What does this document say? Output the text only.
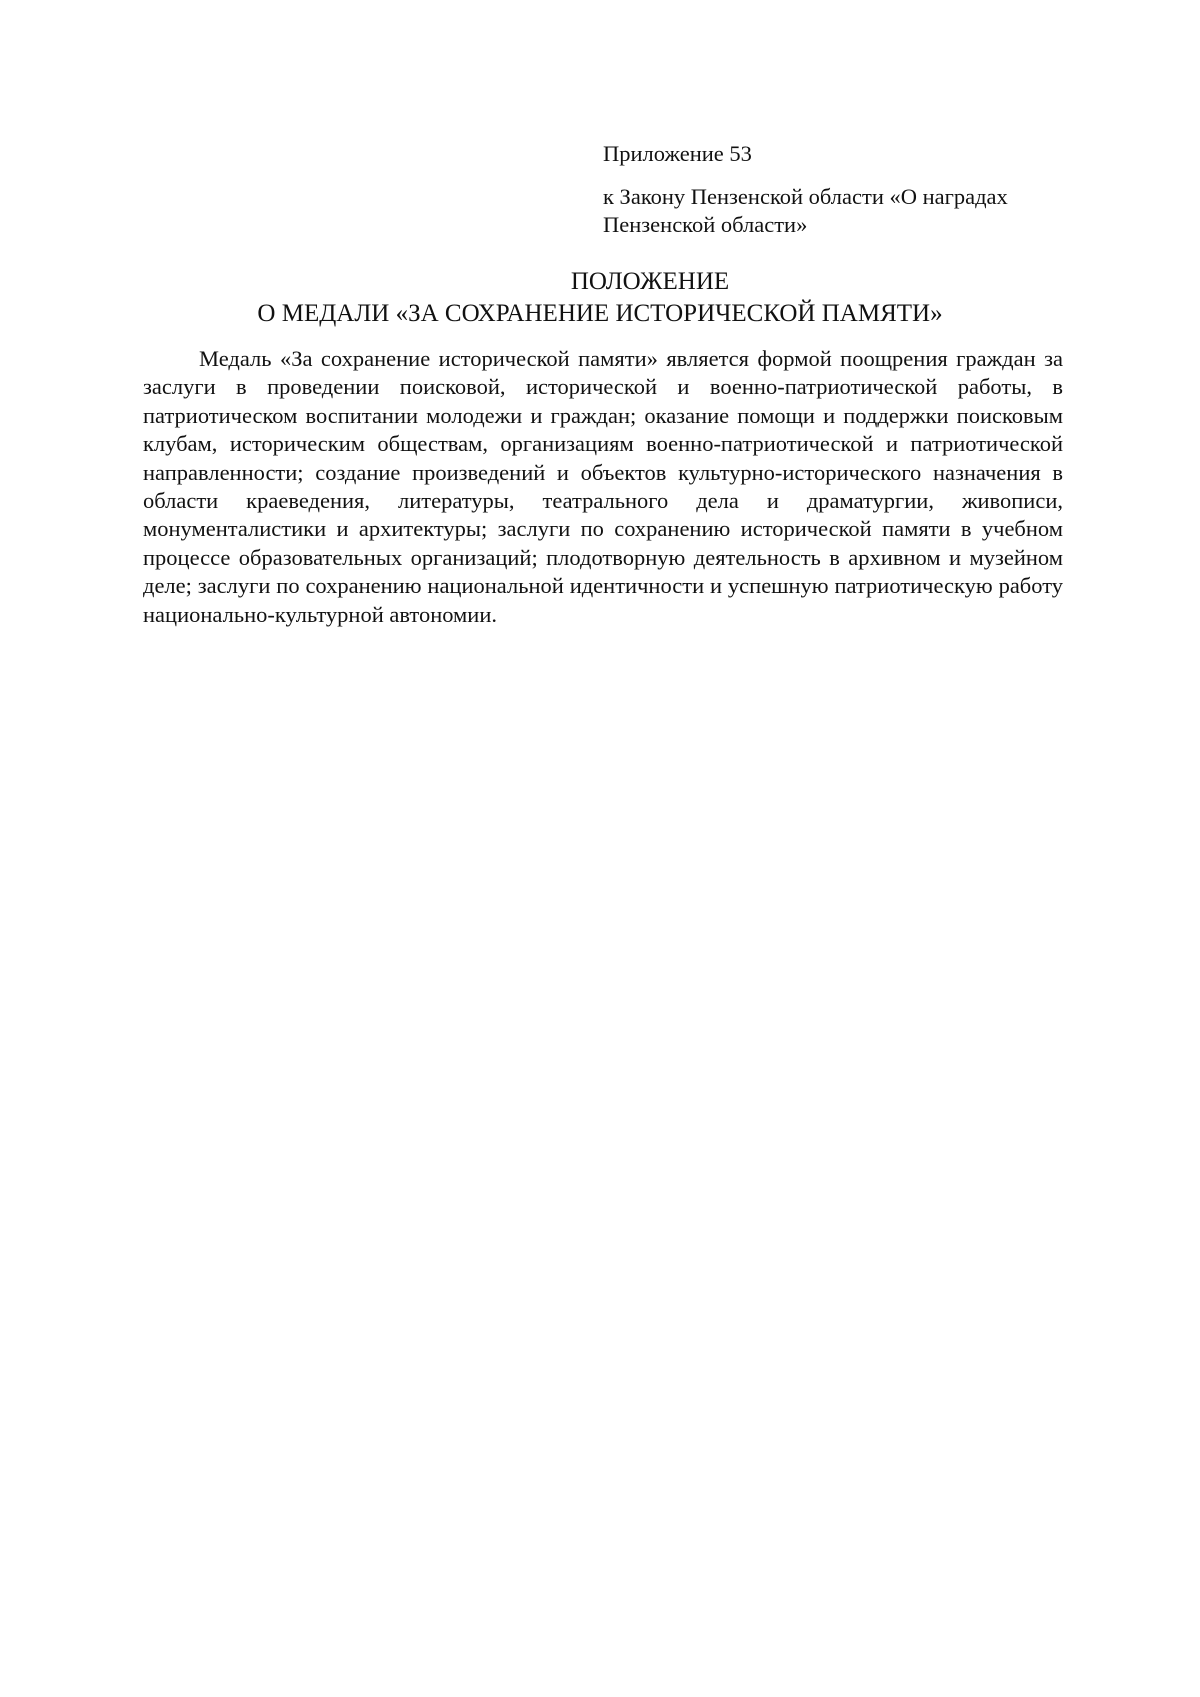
Приложение 53
к Закону Пензенской области «О наградах Пензенской области»
ПОЛОЖЕНИЕ
О МЕДАЛИ «ЗА СОХРАНЕНИЕ ИСТОРИЧЕСКОЙ ПАМЯТИ»

Медаль «За сохранение исторической памяти» является формой поощрения граждан за заслуги в проведении поисковой, исторической и военно-патриотической работы, в патриотическом воспитании молодежи и граждан; оказание помощи и поддержки поисковым клубам, историческим обществам, организациям военно-патриотической и патриотической направленности; создание произведений и объектов культурно-исторического назначения в области краеведения, литературы, театрального дела и драматургии, живописи, монументалистики и архитектуры; заслуги по сохранению исторической памяти в учебном процессе образовательных организаций; плодотворную деятельность в архивном и музейном деле; заслуги по сохранению национальной идентичности и успешную патриотическую работу национально-культурной автономии.
